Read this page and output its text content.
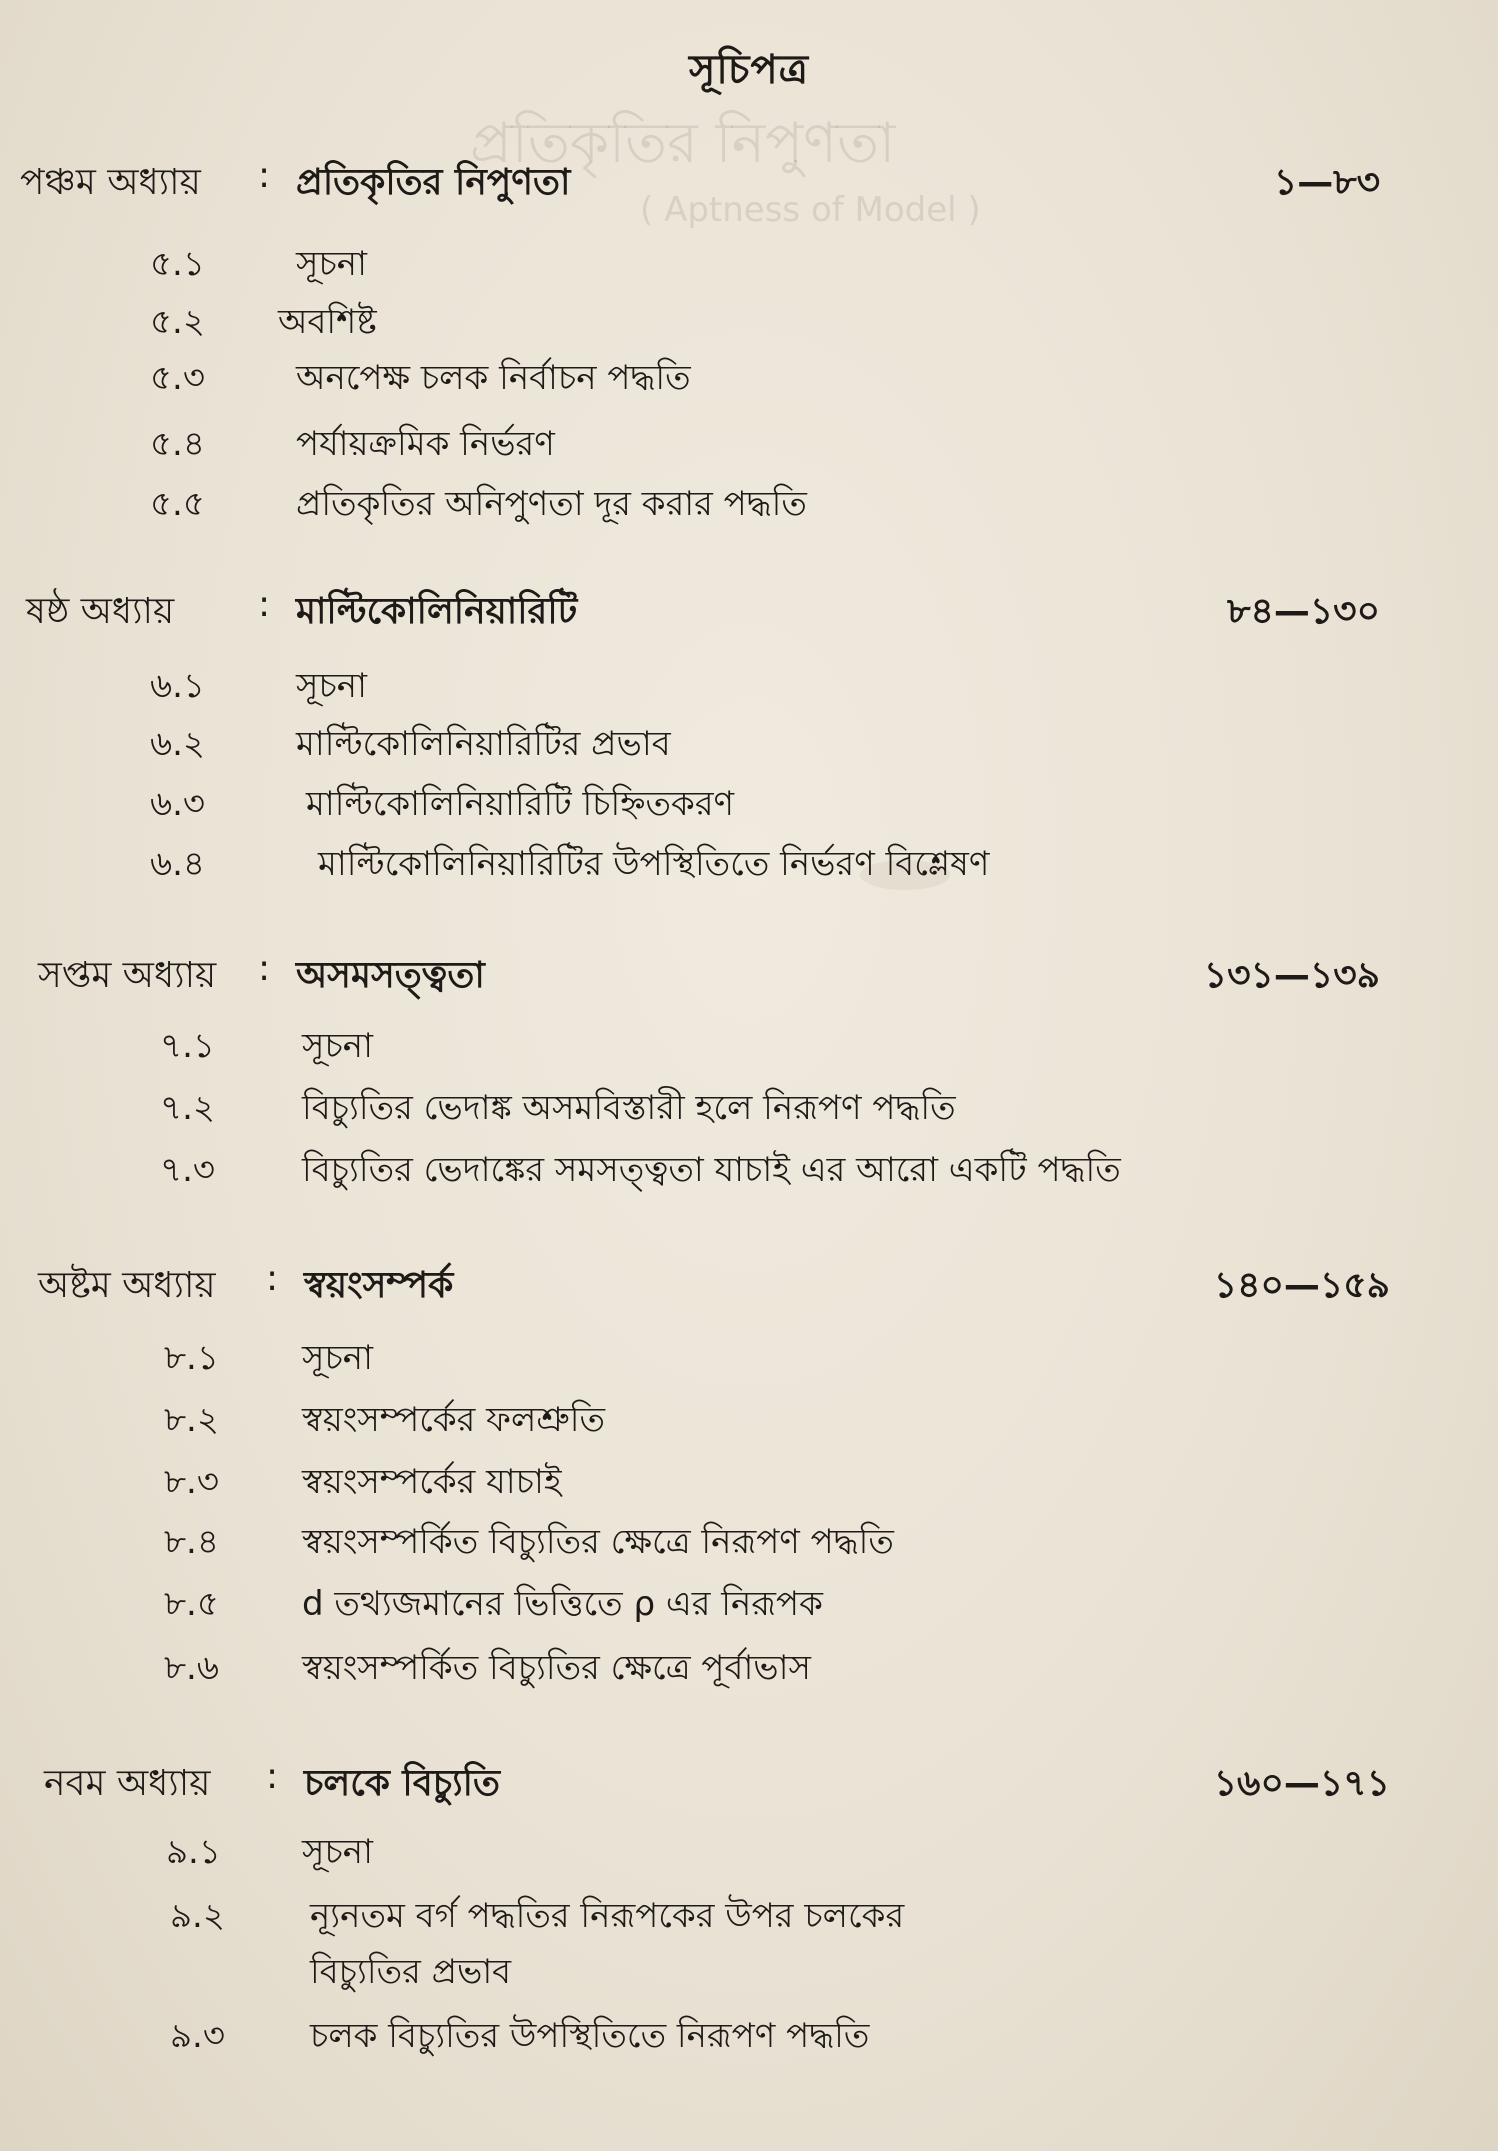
প্রতিকৃতির নিপুণতা
( Aptness of Model )
সূচিপত্র
পঞ্চম অধ্যায় : প্রতিকৃতির নিপুণতা	১—৮৩
৫.১	সূচনা
৫.২	অবশিষ্ট
৫.৩	অনপেক্ষ চলক নির্বাচন পদ্ধতি
৫.৪	পর্যায়ক্রমিক নির্ভরণ
৫.৫	প্রতিকৃতির অনিপুণতা দূর করার পদ্ধতি
ষষ্ঠ অধ্যায় : মাল্টিকোলিনিয়ারিটি	৮৪—১৩০
৬.১	সূচনা
৬.২	মাল্টিকোলিনিয়ারিটির প্রভাব
৬.৩	মাল্টিকোলিনিয়ারিটি চিহ্নিতকরণ
৬.৪	মাল্টিকোলিনিয়ারিটির উপস্থিতিতে নির্ভরণ বিশ্লেষণ
সপ্তম অধ্যায় : অসমসত্ত্বতা	১৩১—১৩৯
৭.১	সূচনা
৭.২	বিচ্যুতির ভেদাঙ্ক অসমবিস্তারী হলে নিরূপণ পদ্ধতি
৭.৩	বিচ্যুতির ভেদাঙ্কের সমসত্ত্বতা যাচাই এর আরো একটি পদ্ধতি
অষ্টম অধ্যায় : স্বয়ংসম্পর্ক	১৪০—১৫৯
৮.১	সূচনা
৮.২	স্বয়ংসম্পর্কের ফলশ্রুতি
৮.৩	স্বয়ংসম্পর্কের যাচাই
৮.৪	স্বয়ংসম্পর্কিত বিচ্যুতির ক্ষেত্রে নিরূপণ পদ্ধতি
৮.৫	d তথ্যজমানের ভিত্তিতে ρ এর নিরূপক
৮.৬	স্বয়ংসম্পর্কিত বিচ্যুতির ক্ষেত্রে পূর্বাভাস
নবম অধ্যায় : চলকে বিচ্যুতি	১৬০—১৭১
৯.১	সূচনা
৯.২	ন্যূনতম বর্গ পদ্ধতির নিরূপকের উপর চলকের
বিচ্যুতির প্রভাব
৯.৩	চলক বিচ্যুতির উপস্থিতিতে নিরূপণ পদ্ধতি
